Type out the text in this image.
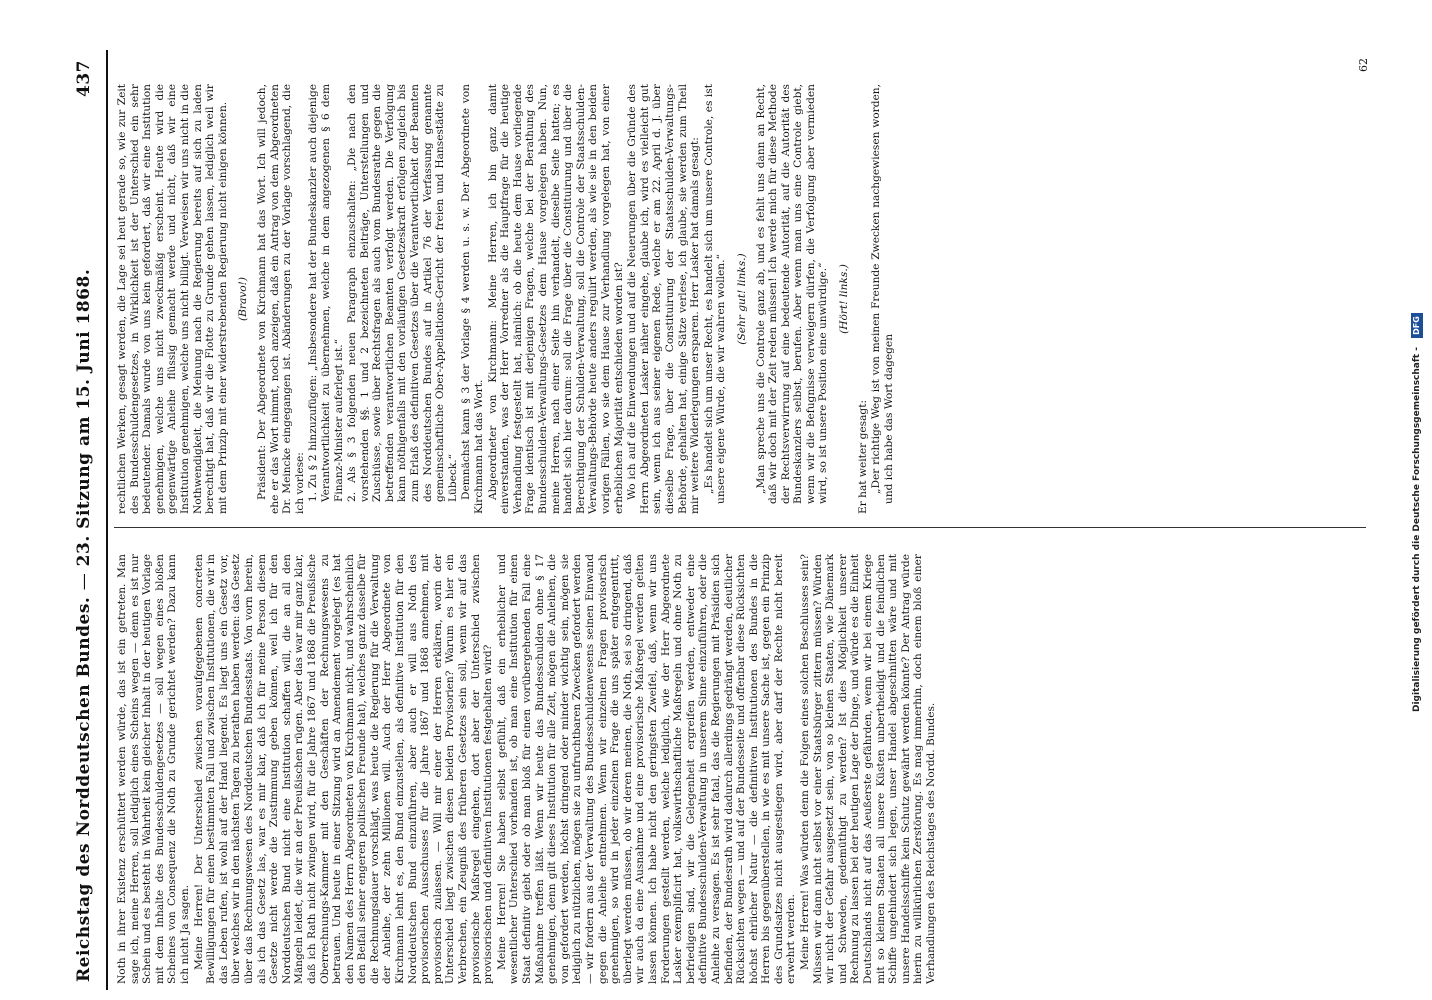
Reichstag des Norddeutschen Bundes. — 23. Sitzung am 15. Juni 1868.
437

Noth in ihrer Existenz erschüttert werden würde, das ist ein getreten. Man sage ich, meine Herren, soll lediglich eines Scheins wegen — denn es ist nur Schein und es besteht in Wahrheit kein gleicher Inhalt in der heutigen Vorlage mit dem Inhalte des Bundesschuldengesetzes — soll wegen eines bloßen Scheines von Consequenz die Noth zu Grunde gerichtet werden? Dazu kann ich nicht Ja sagen. Meine Herren! Der Unterschied zwischen voraufgegebenen concreten Bewilligungen für einen bestimmten Fall und zwischen Institutionen, die wir in das Leben rufen, ist wohl auf der Hand liegend. Es liegt uns ein Gesetz vor, über welches wir in den nächsten Tagen zu berathen haben werden: das Gesetz über das Rechnungswesen des Norddeutschen Bundesstaats. Von vorn herein, als ich das Gesetz las, war es mir klar, daß ich für meine Person diesem Gesetze nicht werde die Zustimmung geben können, weil ich für den Norddeutschen Bund nicht eine Institution schaffen will, die an all den Mängeln leidet, die wir an der Preußischen rügen. Aber das war mir ganz klar, daß ich Rath nicht zwingen wird, für die Jahre 1867 und 1868 die Preußische Oberrechnungs-Kammer mit den Geschäften der Rechnungswesens zu betrauen. Und heute in einer Sitzung wird an Amendement vorgelegt (es hat den Namen des Herrn Abgeordneten von Kirchmann nicht, und wahrscheinlich den Beifall seiner engeren politischen Freunde hat), welches ganz dasselbe für die Rechnungsdauer vorschlägt, was heute die Regierung für die Verwaltung der Anleihe, der zehn Millionen will. Auch der Herr Abgeordnete von Kirchmann lehnt es, den Bund einzustellen, als definitive Institution für den Norddeutschen Bund einzuführen, aber auch er will aus Noth des provisorischen Ausschusses für die Jahre 1867 und 1868 annehmen, mit provisorisch zulassen. — Will mir einer der Herren erklären, worin der Unterschied liegt zwischen diesen beiden Provisorien? Warum es hier ein Verbrechen, ein Zeugniß des früheren Gesetzes sein soll, wenn wir auf das provisorische Maßregel eingehen, dort aber der Unterschied zwischen provisorischen und definitiven Institutionen festgehalten wird? Meine Herren! Sie haben selbst gefühlt, daß ein erheblicher und wesentlicher Unterschied vorhanden ist, ob man eine Institution für einen Staat definitiv giebt oder ob man bloß für einen vorübergehenden Fall eine Maßnahme treffen läßt. Wenn wir heute das Bundesschulden ohne § 17 genehmigen, denn gilt dieses Institution für alle Zeit, mögen die Anleihen, die von gefordert werden, höchst dringend oder minder wichtig sein, mögen sie lediglich zu nützlichen, mögen sie zu unfruchtbaren Zwecken gefordert werden — wir fordern aus der Verwaltung des Bundesschuldenwesens seinen Einwand gegen die Anleihe entnehmen. Wenn wir einzelnen Fragen provisorisch genehmigen, so wird in jeder einzelnen Frage die uns später entgegentritt, überlegt werden müssen, ob wir deren meinen, die Noth, sei so dringend, daß wir auch da eine Ausnahme und eine provisorische Maßregel werden gelten lassen können. Ich habe nicht den geringsten Zweifel, daß, wenn wir uns Forderungen gestellt werden, welche lediglich, wie der Herr Abgeordnete Lasker exemplificirt hat, volkswirthschaftliche Maßregeln und ohne Noth zu befriedigen sind, wir die Gelegenheit ergreifen werden, entweder eine definitive Bundesschulden-Verwaltung in unserem Sinne einzuführen, oder die Anleihe zu versagen. Es ist sehr fatal, das die Regierungen mit Präsidien sich befinden, der Bundesrath wird dadurch allerdings gedrängt werden, deutlicher Rücksichten wegen — und auf der Bundesseite und offenbar diese Rücksichten höchst ehrlicher Natur — die definitiven Institutionen des Bundes in die Herren bis gegenüberstellen, in wie es mit unsere Sache ist, gegen ein Prinzip des Grundsatzes nicht ausgestiegen wird, aber darf der Rechte nicht bereit erwehrt werden. Meine Herren! Was würden denn die Folgen eines solchen Beschlusses sein? Müssen wir dann nicht selbst vor einer Staatsbürger zittern müssen? Würden wir nicht der Gefahr ausgesetzt sein, von so kleinen Staaten, wie Dänemark und Schweden, gedemüthigt zu werden? Ist dies Möglichkeit unserer Rechnung zu lassen bei der heutigen Lage der Dinge, und würde es die Einheit Deutschlands nicht auf das Aeußerste gefährden, wenn wir bei einem Kriege mit so kleinen Staaten all unsere Küsten unbertheidigt und die feindlichen Schiffe ungehindert sich legen, unser Handel abgeschnitten wäre und mit unsere Handelsschiffe kein Schutz gewährt werden könnte? Der Antrag würde hierin zu willkürlichen Zerstörung. Es mag immerhin, doch einem bloß einer Verhandlungen des Reichstages des Nordd. Bundes.

rechtlichen Werken, gesagt werden, die Lage sei heut gerade so, wie zur Zeit des Bundesschuldengesetzes, in Wirklichkeit ist der Unterschied ein sehr bedeutender. Damals wurde von uns kein gefordert, daß wir eine Institution genehmigen, welche uns nicht zweckmäßig erscheint. Heute wird die gegenwärtige Anleihe flüssig gemacht werde und nicht, daß wir eine Institution genehmigen, welche uns nicht billigt. Verweisen wir uns nicht in die Nothwendigkeit, die Meinung nach die Regierung bereits auf sich zu laden berechtigt hat, daß wir die Flotte zu Grunde gehen lassen, lediglich weil wir mit dem Prinzip mit einer widerstrebenden Regierung nicht einigen können. (Bravo!) Präsident: Der Abgeordnete von Kirchmann hat das Wort. Ich will jedoch, ehe er das Wort nimmt, noch anzeigen, daß ein Antrag von dem Abgeordneten Dr. Meincke eingegangen ist. Abänderungen zu der Vorlage vorschlagend, die ich vorlese: 1. Zu § 2 hinzuzufügen: „Insbesondere hat der Bundeskanzler auch diejenige Verantwortlichkeit zu übernehmen, welche in dem angezogenen § 6 dem Finanz-Minister auferlegt ist.“ 2. Als § 3 folgenden neuen Paragraph einzuschalten: „Die nach den vorstehenden §§. 1 und 2 bezeichneten Beiträge, Unterstellungen und Zuschüsse, sowie über Rechtsfragen als auch vom Bundesrathe gegen die betreffenden verantwortlichen Beamten verfolgt werden. Die Verfolgung kann nöthigenfalls mit den vorläufigen Gesetzeskraft erfolgen zugleich bis zum Erlaß des definitiven Gesetzes über die Verantwortlichkeit der Beamten des Norddeutschen Bundes auf in Artikel 76 der Verfassung genannte gemeinschaftliche Ober-Appellations-Gericht der freien und Hansestädte zu Lübeck.“ Demnächst kann § 3 der Vorlage § 4 werden u. s. w. Der Abgeordnete von Kirchmann hat das Wort. Abgeordneter von Kirchmann: Meine Herren, ich bin ganz damit einverstanden, was der Herr Vorredner als die Hauptfrage für die heutige Verhandlung festgestellt hat, nämlich: ob die heute dem Hause vorliegende Frage identisch ist mit derjenigen Fragen, welche bei der Berathung des Bundesschulden-Verwaltungs-Gesetzes dem Hause vorgelegen haben. Nun, meine Herren, nach einer Seite hin verhandelt, dieselbe Seite hatten; es handelt sich hier darum: soll die Frage über die Constituirung und über die Berechtigung der Schulden-Verwaltung, soll die Controle der Staatsschulden-Verwaltungs-Behörde heute anders regulirt werden, als wie sie in den beiden vorigen Fällen, wo sie dem Hause zur Verhandlung vorgelegen hat, von einer erheblichen Majorität entschieden worden ist? Wo ich auf die Einwendungen und auf die Neuerungen über die Gründe des Herrn Abgeordneten Lasker näher eingehe, glaube ich, wird es vielleicht gut sein, wenn ich aus seiner eigenen Rede, welche er am 22. April d. J. über dieselbe Frage, über die Constituirung der Staatsschulden-Verwaltungs-Behörde, gehalten hat, einige Sätze verlese, ich glaube, sie werden zum Theil mir weitere Widerlegungen ersparen. Herr Lasker hat damals gesagt: „Es handelt sich um unser Recht, es handelt sich um unsere Controle, es ist unsere eigene Würde, die wir wahren wollen.“ (Sehr gut! links.) „Man spreche uns die Controle ganz ab, und es fehlt uns dann an Recht, daß wir doch mit der Zeit reden müssen! Ich werde mich für diese Methode der Rechtsverwirrung auf eine bedeutende Autorität, auf die Autorität des Bundeskanzlers selbst, berufen. Aber wenn man uns eine Controle giebt, wenn wir die Befugnisse verweigern dürfen, die Verfolgung aber vermieden wird, so ist unsere Position eine unwürdige.“ (Hört! links.)

Er hat weiter gesagt: „Der richtige Weg ist von meinen Freunde Zwecken nachgewiesen worden, und ich habe das Wort dagegen

62
Digitalisierung gefördert durch die Deutsche Forschungsgemeinschaft - DFG
